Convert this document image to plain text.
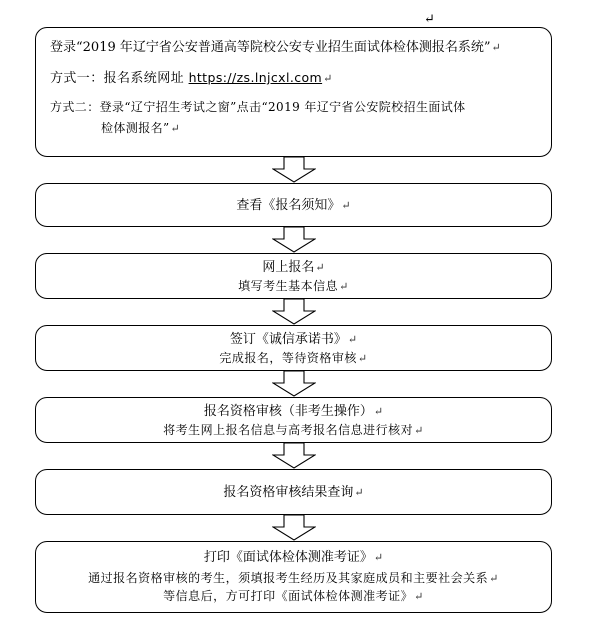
↵
登录“2019 年辽宁省公安普通高等院校公安专业招生面试体检体测报名系统”↵
方式一：报名系统网址 https://zs.lnjcxl.com↵
方式二：登录“辽宁招生考试之窗”点击“2019 年辽宁省公安院校招生面试体
检体测报名”↵
查看《报名须知》↵
网上报名↵
填写考生基本信息↵
签订《诚信承诺书》↵
完成报名，等待资格审核↵
报名资格审核（非考生操作）↵
将考生网上报名信息与高考报名信息进行核对↵
报名资格审核结果查询↵
打印《面试体检体测准考证》↵
通过报名资格审核的考生，须填报考生经历及其家庭成员和主要社会关系↵
等信息后，方可打印《面试体检体测准考证》↵
